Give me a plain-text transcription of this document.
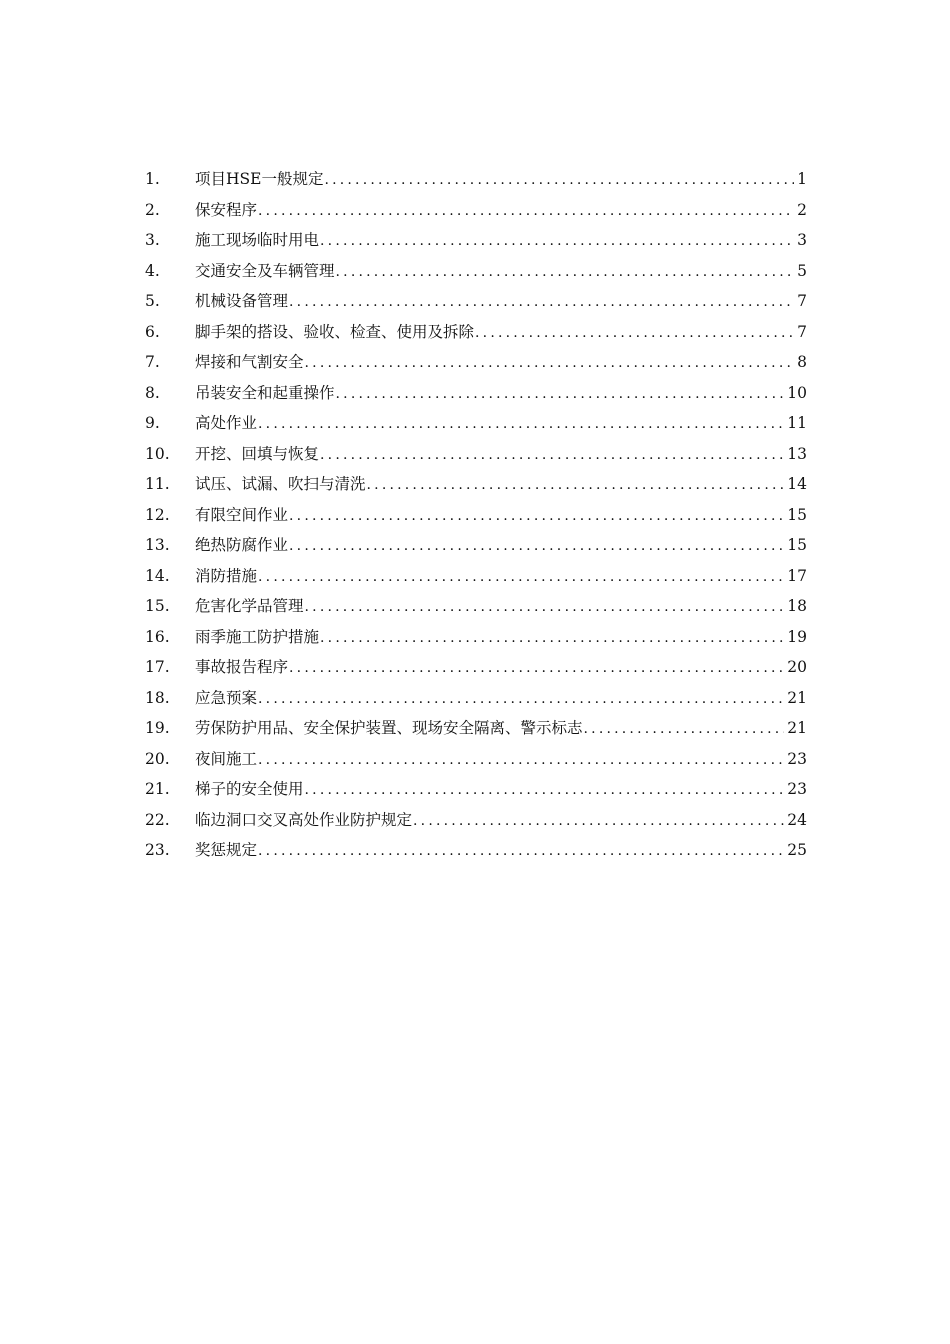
1.	项目HSE一般规定 .....	1
2.	保安程序 .....	2
3.	施工现场临时用电 .....	3
4.	交通安全及车辆管理 .....	5
5.	机械设备管理 .....	7
6.	脚手架的搭设、验收、检查、使用及拆除 .....	7
7.	焊接和气割安全 .....	8
8.	吊装安全和起重操作 .....	10
9.	高处作业 .....	11
10.	开挖、回填与恢复 .....	13
11.	试压、试漏、吹扫与清洗 .....	14
12.	有限空间作业 .....	15
13.	绝热防腐作业 .....	15
14.	消防措施 .....	17
15.	危害化学品管理 .....	18
16.	雨季施工防护措施 .....	19
17.	事故报告程序 .....	20
18.	应急预案 .....	21
19.	劳保防护用品、安全保护装置、现场安全隔离、警示标志 .....	21
20.	夜间施工 .....	23
21.	梯子的安全使用 .....	23
22.	临边洞口交叉高处作业防护规定 .....	24
23.	奖惩规定 .....	25
